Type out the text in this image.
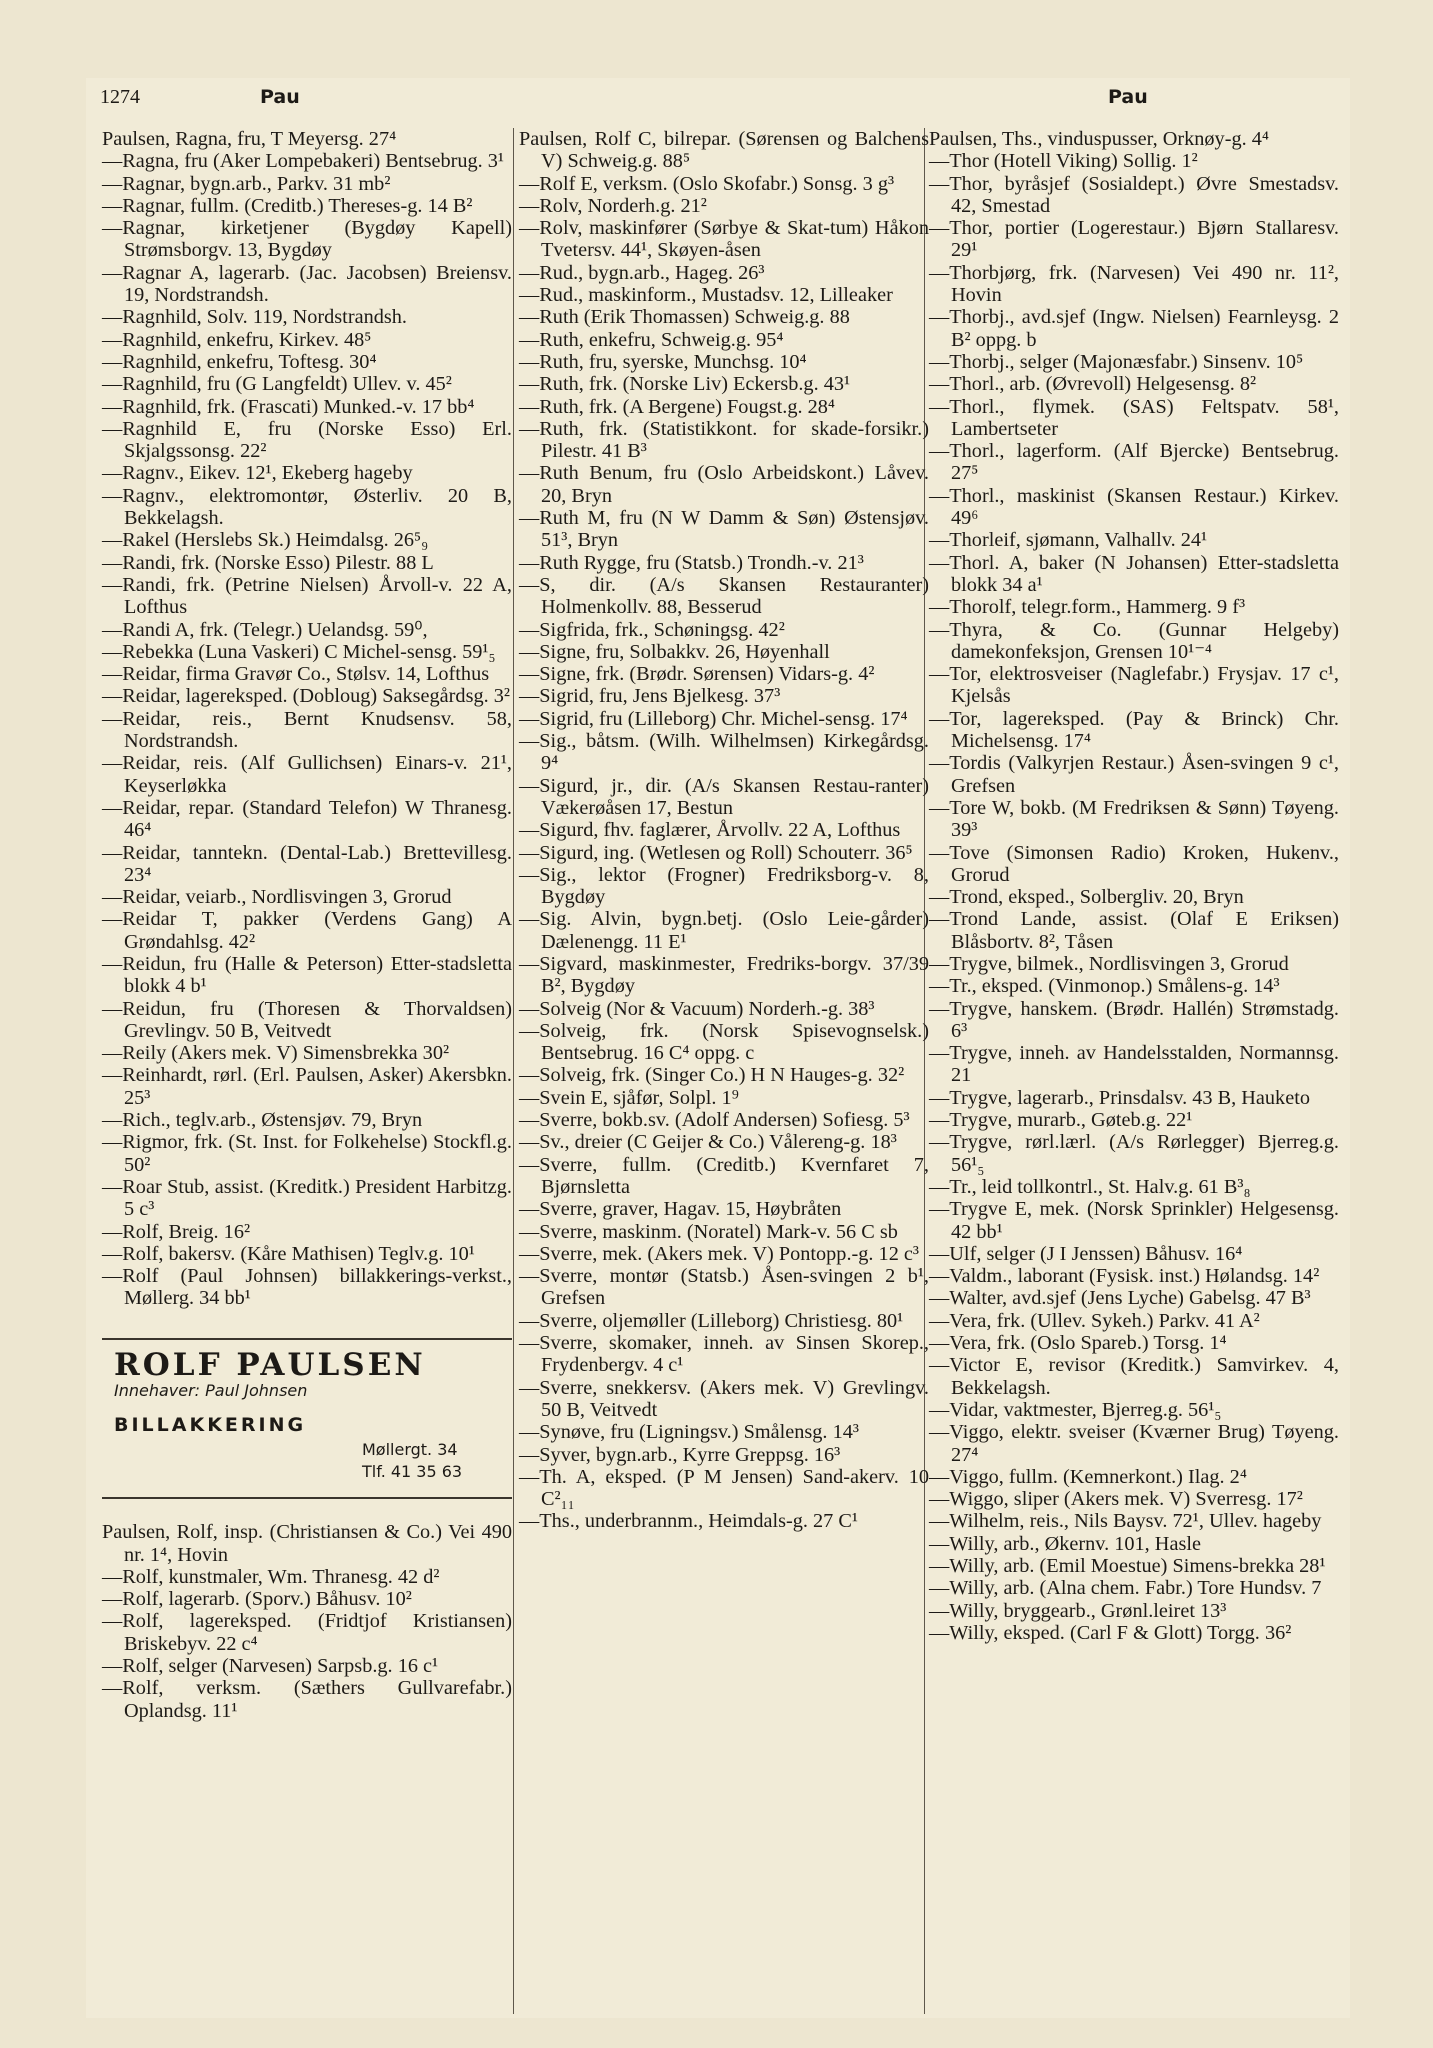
1274	Pau	Pau

Paulsen, Ragna, fru, T Meyersg. 27⁴

—Ragna, fru (Aker Lompebakeri) Bentsebrug. 3¹

—Ragnar, bygn.arb., Parkv. 31 mb²

—Ragnar, fullm. (Creditb.) Thereses-g. 14 B²

—Ragnar, kirketjener (Bygdøy Kapell) Strømsborgv. 13, Bygdøy

—Ragnar A, lagerarb. (Jac. Jacobsen) Breiensv. 19, Nordstrandsh.

—Ragnhild, Solv. 119, Nordstrandsh.

—Ragnhild, enkefru, Kirkev. 48⁵

—Ragnhild, enkefru, Toftesg. 30⁴

—Ragnhild, fru (G Langfeldt) Ullev. v. 45²

—Ragnhild, frk. (Frascati) Munked.-v. 17 bb⁴

—Ragnhild E, fru (Norske Esso) Erl. Skjalgssonsg. 22²

—Ragnv., Eikev. 12¹, Ekeberg hageby

—Ragnv., elektromontør, Østerliv. 20 B, Bekkelagsh.

—Rakel (Herslebs Sk.) Heimdalsg. 26⁵₉

—Randi, frk. (Norske Esso) Pilestr. 88 L

—Randi, frk. (Petrine Nielsen) Årvoll-v. 22 A, Lofthus

—Randi A, frk. (Telegr.) Uelandsg. 59⁰,

—Rebekka (Luna Vaskeri) C Michel-sensg. 59¹₅

—Reidar, firma Gravør Co., Stølsv. 14, Lofthus

—Reidar, lagereksped. (Dobloug) Saksegårdsg. 3²

—Reidar, reis., Bernt Knudsensv. 58, Nordstrandsh.

—Reidar, reis. (Alf Gullichsen) Einars-v. 21¹, Keyserløkka

—Reidar, repar. (Standard Telefon) W Thranesg. 46⁴

—Reidar, tanntekn. (Dental-Lab.) Brettevillesg. 23⁴

—Reidar, veiarb., Nordlisvingen 3, Grorud

—Reidar T, pakker (Verdens Gang) A Grøndahlsg. 42²

—Reidun, fru (Halle & Peterson) Etter-stadsletta blokk 4 b¹

—Reidun, fru (Thoresen & Thorvaldsen) Grevlingv. 50 B, Veitvedt

—Reily (Akers mek. V) Simensbrekka 30²

—Reinhardt, rørl. (Erl. Paulsen, Asker) Akersbkn. 25³

—Rich., teglv.arb., Østensjøv. 79, Bryn

—Rigmor, frk. (St. Inst. for Folkehelse) Stockfl.g. 50²

—Roar Stub, assist. (Kreditk.) President Harbitzg. 5 c³

—Rolf, Breig. 16²

—Rolf, bakersv. (Kåre Mathisen) Teglv.g. 10¹

—Rolf (Paul Johnsen) billakkerings-verkst., Møllerg. 34 bb¹

ROLF PAULSEN
Innehaver: Paul Johnsen
BILLAKKERING
Møllergt. 34
Tlf. 41 35 63

Paulsen, Rolf, insp. (Christiansen & Co.) Vei 490 nr. 1⁴, Hovin

—Rolf, kunstmaler, Wm. Thranesg. 42 d²

—Rolf, lagerarb. (Sporv.) Båhusv. 10²

—Rolf, lagereksped. (Fridtjof Kristiansen) Briskebyv. 22 c⁴

—Rolf, selger (Narvesen) Sarpsb.g. 16 c¹

—Rolf, verksm. (Sæthers Gullvarefabr.) Oplandsg. 11¹

Paulsen, Rolf C, bilrepar. (Sørensen og Balchens V) Schweig.g. 88⁵

—Rolf E, verksm. (Oslo Skofabr.) Sonsg. 3 g³

—Rolv, Norderh.g. 21²

—Rolv, maskinfører (Sørbye & Skat-tum) Håkon Tvetersv. 44¹, Skøyen-åsen

—Rud., bygn.arb., Hageg. 26³

—Rud., maskinform., Mustadsv. 12, Lilleaker

—Ruth (Erik Thomassen) Schweig.g. 88

—Ruth, enkefru, Schweig.g. 95⁴

—Ruth, fru, syerske, Munchsg. 10⁴

—Ruth, frk. (Norske Liv) Eckersb.g. 43¹

—Ruth, frk. (A Bergene) Fougst.g. 28⁴

—Ruth, frk. (Statistikkont. for skade-forsikr.) Pilestr. 41 B³

—Ruth Benum, fru (Oslo Arbeidskont.) Låvev. 20, Bryn

—Ruth M, fru (N W Damm & Søn) Østensjøv. 51³, Bryn

—Ruth Rygge, fru (Statsb.) Trondh.-v. 21³

—S, dir. (A/s Skansen Restauranter) Holmenkollv. 88, Besserud

—Sigfrida, frk., Schøningsg. 42²

—Signe, fru, Solbakkv. 26, Høyenhall

—Signe, frk. (Brødr. Sørensen) Vidars-g. 4²

—Sigrid, fru, Jens Bjelkesg. 37³

—Sigrid, fru (Lilleborg) Chr. Michel-sensg. 17⁴

—Sig., båtsm. (Wilh. Wilhelmsen) Kirkegårdsg. 9⁴

—Sigurd, jr., dir. (A/s Skansen Restau-ranter) Vækerøåsen 17, Bestun

—Sigurd, fhv. faglærer, Årvollv. 22 A, Lofthus

—Sigurd, ing. (Wetlesen og Roll) Schouterr. 36⁵

—Sig., lektor (Frogner) Fredriksborg-v. 8, Bygdøy

—Sig. Alvin, bygn.betj. (Oslo Leie-gårder) Dælenengg. 11 E¹

—Sigvard, maskinmester, Fredriks-borgv. 37/39 B², Bygdøy

—Solveig (Nor & Vacuum) Norderh.-g. 38³

—Solveig, frk. (Norsk Spisevognselsk.) Bentsebrug. 16 C⁴ oppg. c

—Solveig, frk. (Singer Co.) H N Hauges-g. 32²

—Svein E, sjåfør, Solpl. 1⁹

—Sverre, bokb.sv. (Adolf Andersen) Sofiesg. 5³

—Sv., dreier (C Geijer & Co.) Vålereng-g. 18³

—Sverre, fullm. (Creditb.) Kvernfaret 7, Bjørnsletta

—Sverre, graver, Hagav. 15, Høybråten

—Sverre, maskinm. (Noratel) Mark-v. 56 C sb

—Sverre, mek. (Akers mek. V) Pontopp.-g. 12 c³

—Sverre, montør (Statsb.) Åsen-svingen 2 b¹, Grefsen

—Sverre, oljemøller (Lilleborg) Christiesg. 80¹

—Sverre, skomaker, inneh. av Sinsen Skorep., Frydenbergv. 4 c¹

—Sverre, snekkersv. (Akers mek. V) Grevlingv. 50 B, Veitvedt

—Synøve, fru (Ligningsv.) Smålensg. 14³

—Syver, bygn.arb., Kyrre Greppsg. 16³

—Th. A, eksped. (P M Jensen) Sand-akerv. 10 C²₁₁

—Ths., underbrannm., Heimdals-g. 27 C¹

Paulsen, Ths., vinduspusser, Orknøy-g. 4⁴

—Thor (Hotell Viking) Sollig. 1²

—Thor, byråsjef (Sosialdept.) Øvre Smestadsv. 42, Smestad

—Thor, portier (Logerestaur.) Bjørn Stallaresv. 29¹

—Thorbjørg, frk. (Narvesen) Vei 490 nr. 11², Hovin

—Thorbj., avd.sjef (Ingw. Nielsen) Fearnleysg. 2 B² oppg. b

—Thorbj., selger (Majonæsfabr.) Sinsenv. 10⁵

—Thorl., arb. (Øvrevoll) Helgesensg. 8²

—Thorl., flymek. (SAS) Feltspatv. 58¹, Lambertseter

—Thorl., lagerform. (Alf Bjercke) Bentsebrug. 27⁵

—Thorl., maskinist (Skansen Restaur.) Kirkev. 49⁶

—Thorleif, sjømann, Valhallv. 24¹

—Thorl. A, baker (N Johansen) Etter-stadsletta blokk 34 a¹

—Thorolf, telegr.form., Hammerg. 9 f³

—Thyra, & Co. (Gunnar Helgeby) damekonfeksjon, Grensen 10¹⁻⁴

—Tor, elektrosveiser (Naglefabr.) Frysjav. 17 c¹, Kjelsås

—Tor, lagereksped. (Pay & Brinck) Chr. Michelsensg. 17⁴

—Tordis (Valkyrjen Restaur.) Åsen-svingen 9 c¹, Grefsen

—Tore W, bokb. (M Fredriksen & Sønn) Tøyeng. 39³

—Tove (Simonsen Radio) Kroken, Hukenv., Grorud

—Trond, eksped., Solbergliv. 20, Bryn

—Trond Lande, assist. (Olaf E Eriksen) Blåsbortv. 8², Tåsen

—Trygve, bilmek., Nordlisvingen 3, Grorud

—Tr., eksped. (Vinmonop.) Smålens-g. 14³

—Trygve, hanskem. (Brødr. Hallén) Strømstadg. 6³

—Trygve, inneh. av Handelsstalden, Normannsg. 21

—Trygve, lagerarb., Prinsdalsv. 43 B, Hauketo

—Trygve, murarb., Gøteb.g. 22¹

—Trygve, rørl.lærl. (A/s Rørlegger) Bjerreg.g. 56¹₅

—Tr., leid tollkontrl., St. Halv.g. 61 B³₈

—Trygve E, mek. (Norsk Sprinkler) Helgesensg. 42 bb¹

—Ulf, selger (J I Jenssen) Båhusv. 16⁴

—Valdm., laborant (Fysisk. inst.) Hølandsg. 14²

—Walter, avd.sjef (Jens Lyche) Gabelsg. 47 B³

—Vera, frk. (Ullev. Sykeh.) Parkv. 41 A²

—Vera, frk. (Oslo Spareb.) Torsg. 1⁴

—Victor E, revisor (Kreditk.) Samvirkev. 4, Bekkelagsh.

—Vidar, vaktmester, Bjerreg.g. 56¹₅

—Viggo, elektr. sveiser (Kværner Brug) Tøyeng. 27⁴

—Viggo, fullm. (Kemnerkont.) Ilag. 2⁴

—Wiggo, sliper (Akers mek. V) Sverresg. 17²

—Wilhelm, reis., Nils Baysv. 72¹, Ullev. hageby

—Willy, arb., Økernv. 101, Hasle

—Willy, arb. (Emil Moestue) Simens-brekka 28¹

—Willy, arb. (Alna chem. Fabr.) Tore Hundsv. 7

—Willy, bryggearb., Grønl.leiret 13³

—Willy, eksped. (Carl F & Glott) Torgg. 36²
